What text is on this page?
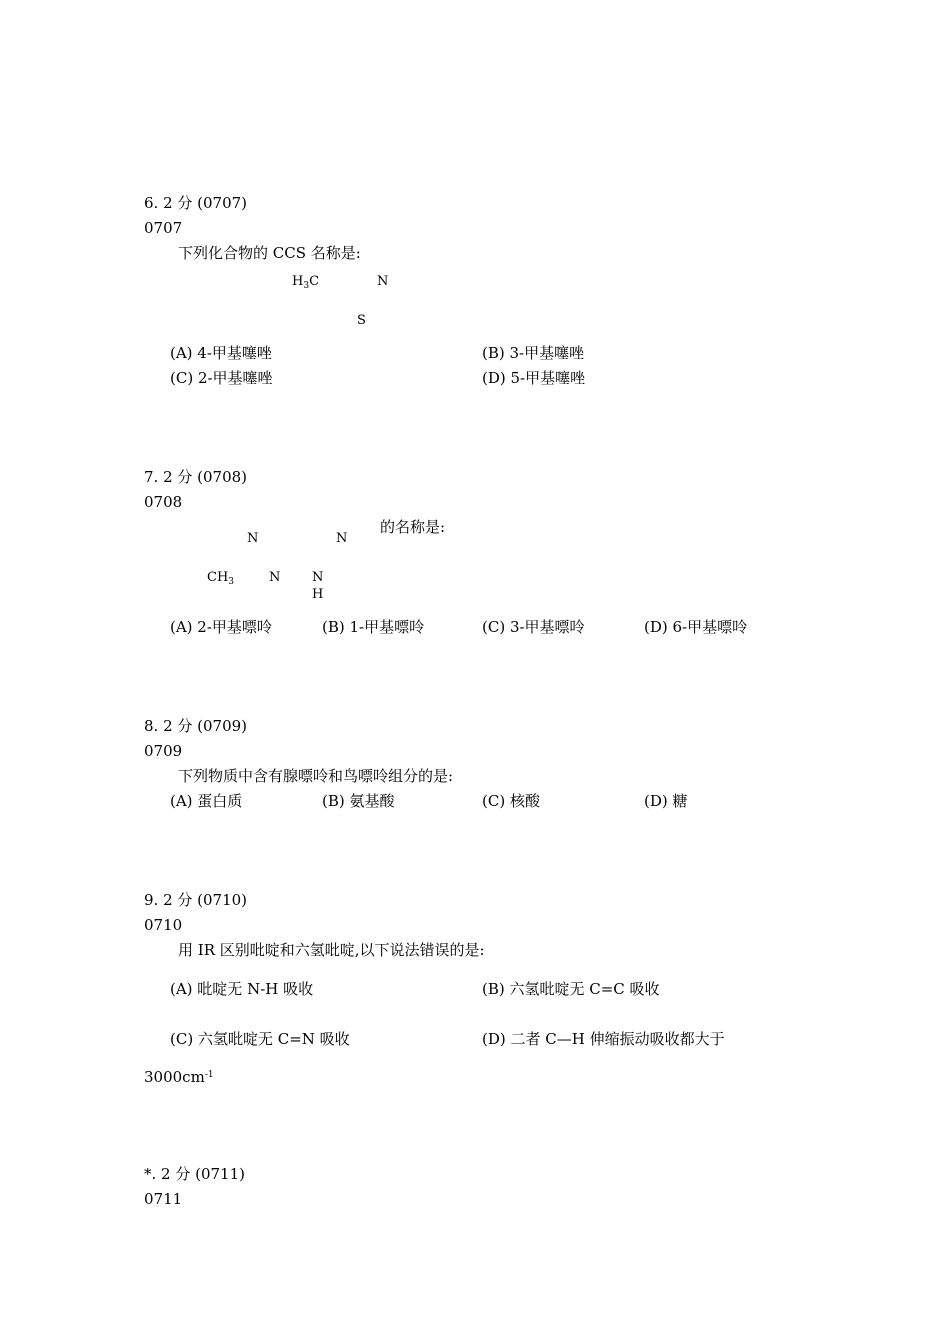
6. 2 分 (0707)
0707
下列化合物的 CCS 名称是:
$H_3C$	N
S
(A) 4-甲基噻唑	(B) 3-甲基噻唑
(C) 2-甲基噻唑	(D) 5-甲基噻唑
7. 2 分 (0708)
0708
的名称是:
N	N
$CH_3$	N N
H
(A) 2-甲基嘌呤	(B) 1-甲基嘌呤	(C) 3-甲基嘌呤	(D) 6-甲基嘌呤
8. 2 分 (0709)
0709
下列物质中含有腺嘌呤和鸟嘌呤组分的是:
(A) 蛋白质	(B) 氨基酸	(C) 核酸	(D) 糖
9. 2 分 (0710)
0710
用 IR 区别吡啶和六氢吡啶,以下说法错误的是:
(A) 吡啶无 N-H 吸收	(B) 六氢吡啶无 C=C 吸收
(C) 六氢吡啶无 C=N 吸收	(D) 二者 C—H 伸缩振动吸收都大于
$3000cm^{-1}$
*. 2 分 (0711)
0711
